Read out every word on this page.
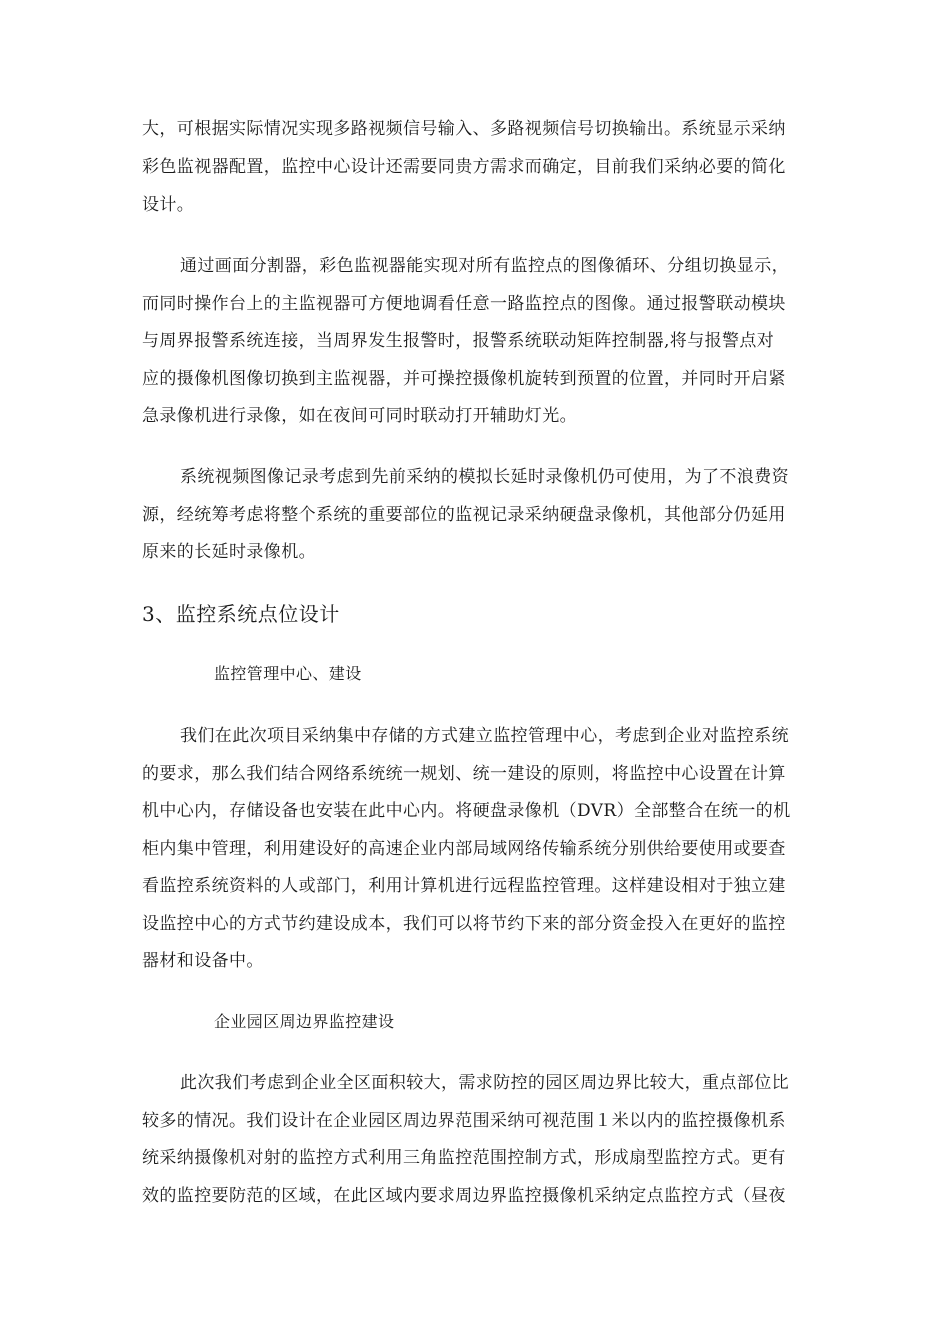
大，可根据实际情况实现多路视频信号输入、多路视频信号切换输出。系统显示采纳
彩色监视器配置，监控中心设计还需要同贵方需求而确定，目前我们采纳必要的简化
设计。
通过画面分割器，彩色监视器能实现对所有监控点的图像循环、分组切换显示，
而同时操作台上的主监视器可方便地调看任意一路监控点的图像。通过报警联动模块
与周界报警系统连接，当周界发生报警时，报警系统联动矩阵控制器,将与报警点对
应的摄像机图像切换到主监视器，并可操控摄像机旋转到预置的位置，并同时开启紧
急录像机进行录像，如在夜间可同时联动打开辅助灯光。
系统视频图像记录考虑到先前采纳的模拟长延时录像机仍可使用，为了不浪费资
源，经统筹考虑将整个系统的重要部位的监视记录采纳硬盘录像机，其他部分仍延用
原来的长延时录像机。
3、监控系统点位设计
监控管理中心、建设
我们在此次项目采纳集中存储的方式建立监控管理中心，考虑到企业对监控系统
的要求，那么我们结合网络系统统一规划、统一建设的原则，将监控中心设置在计算
机中心内，存储设备也安装在此中心内。将硬盘录像机（DVR）全部整合在统一的机
柜内集中管理，利用建设好的高速企业内部局域网络传输系统分别供给要使用或要查
看监控系统资料的人或部门，利用计算机进行远程监控管理。这样建设相对于独立建
设监控中心的方式节约建设成本，我们可以将节约下来的部分资金投入在更好的监控
器材和设备中。
企业园区周边界监控建设
此次我们考虑到企业全区面积较大，需求防控的园区周边界比较大，重点部位比
较多的情况。我们设计在企业园区周边界范围采纳可视范围１米以内的监控摄像机系
统采纳摄像机对射的监控方式利用三角监控范围控制方式，形成扇型监控方式。更有
效的监控要防范的区域，在此区域内要求周边界监控摄像机采纳定点监控方式（昼夜
